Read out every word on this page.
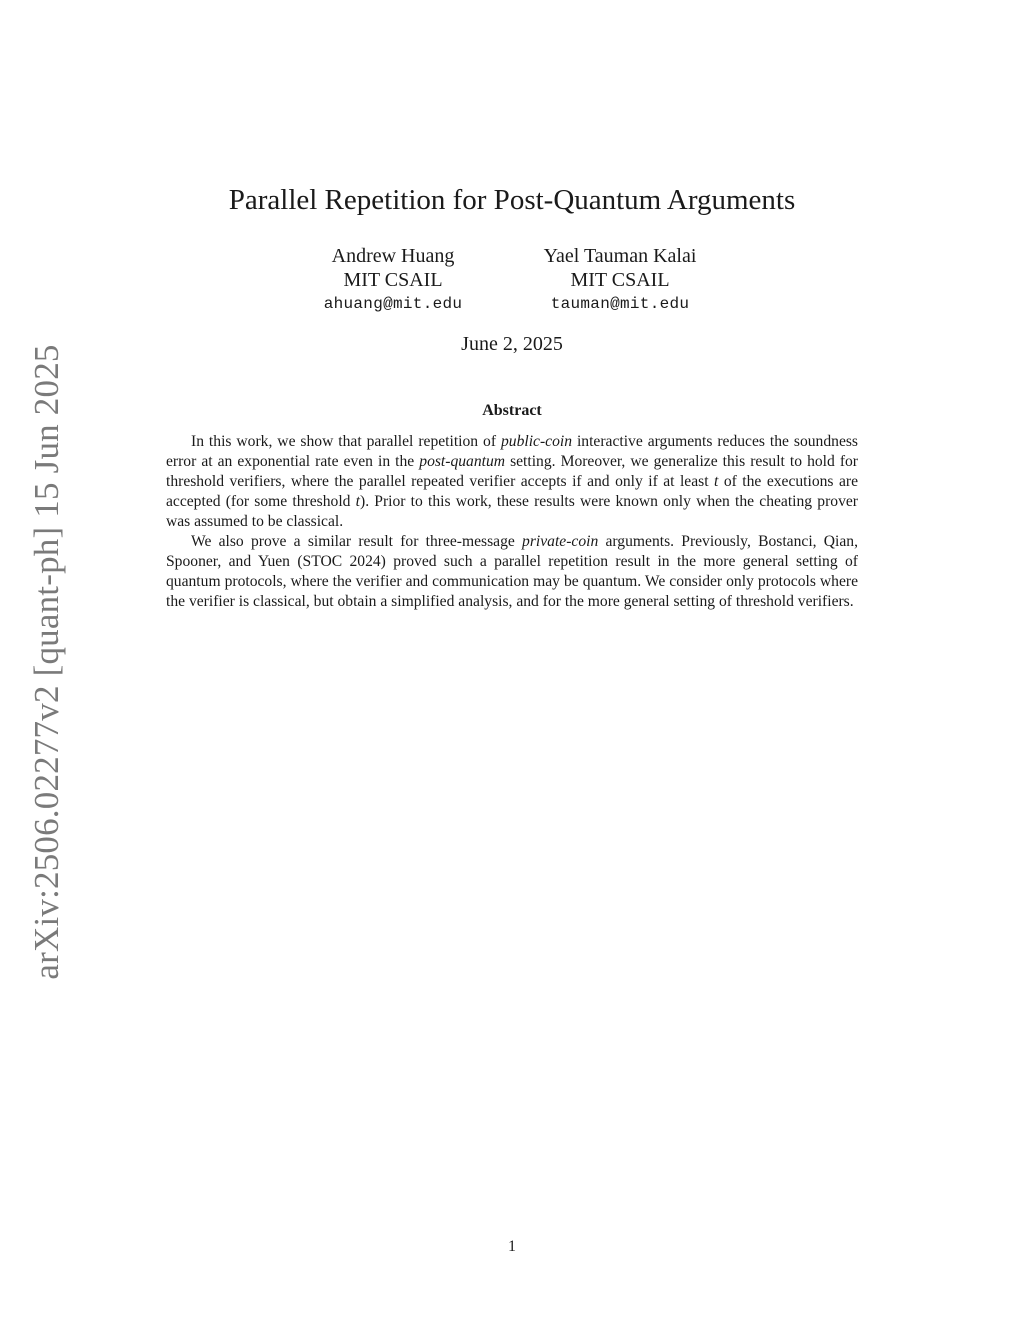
arXiv:2506.02277v2 [quant-ph] 15 Jun 2025
Parallel Repetition for Post-Quantum Arguments
Andrew Huang
MIT CSAIL
ahuang@mit.edu
Yael Tauman Kalai
MIT CSAIL
tauman@mit.edu
June 2, 2025
Abstract

In this work, we show that parallel repetition of public-coin interactive arguments reduces the soundness error at an exponential rate even in the post-quantum setting. Moreover, we generalize this result to hold for threshold verifiers, where the parallel repeated verifier accepts if and only if at least t of the executions are accepted (for some threshold t). Prior to this work, these results were known only when the cheating prover was assumed to be classical.

We also prove a similar result for three-message private-coin arguments. Previously, Bostanci, Qian, Spooner, and Yuen (STOC 2024) proved such a parallel repetition result in the more general setting of quantum protocols, where the verifier and communication may be quantum. We consider only protocols where the verifier is classical, but obtain a simplified analysis, and for the more general setting of threshold verifiers.

1
